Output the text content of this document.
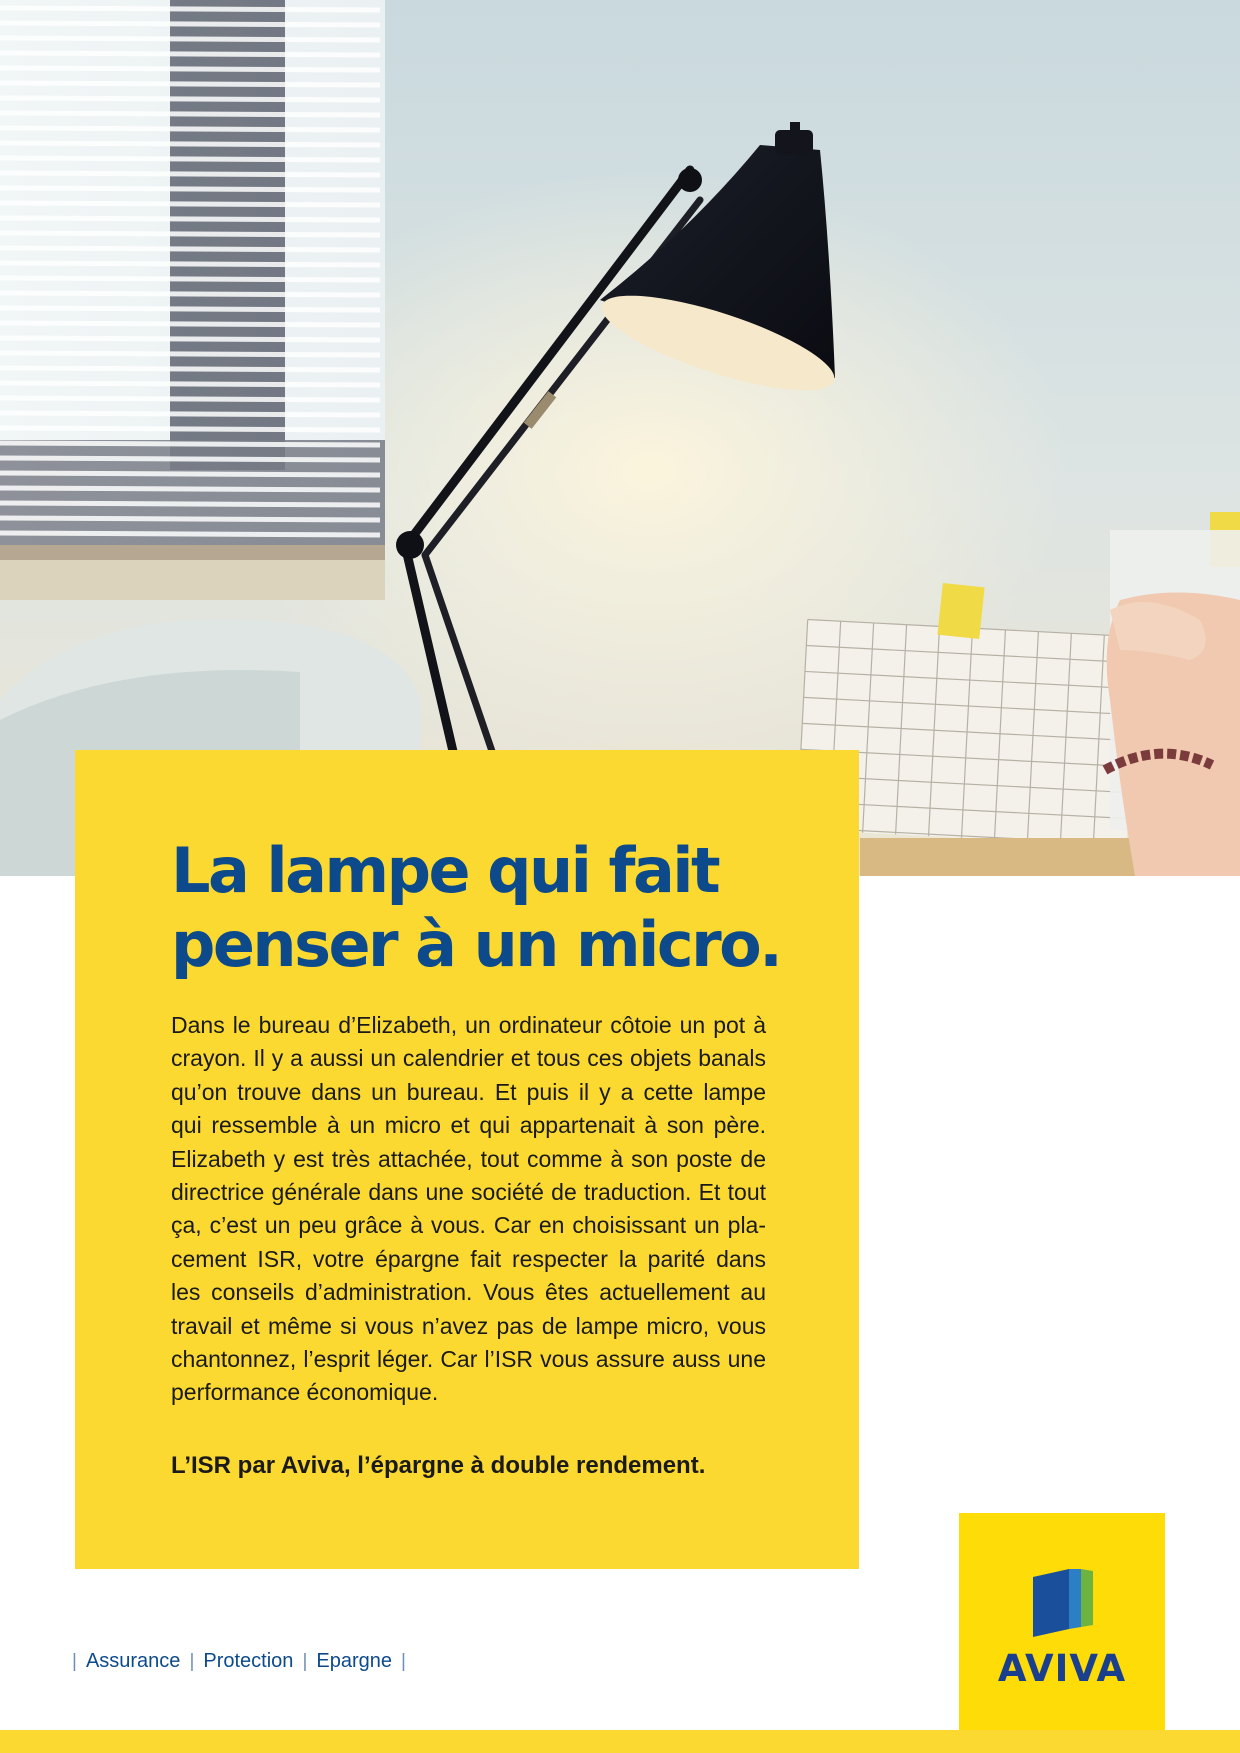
La lampe qui fait
penser à un micro.
Dans le bureau d’Elizabeth, un ordinateur côtoie un pot à
crayon. Il y a aussi un calendrier et tous ces objets banals
qu’on trouve dans un bureau. Et puis il y a cette lampe
qui ressemble à un micro et qui appartenait à son père.
Elizabeth y est très attachée, tout comme à son poste de
directrice générale dans une société de traduction. Et tout
ça, c’est un peu grâce à vous. Car en choisissant un pla-
cement ISR, votre épargne fait respecter la parité dans
les conseils d’administration. Vous êtes actuellement au
travail et même si vous n’avez pas de lampe micro, vous
chantonnez, l’esprit léger. Car l’ISR vous assure auss une
performance économique.
L’ISR par Aviva, l’épargne à double rendement.
| Assurance | Protection | Epargne |	AVIVA
